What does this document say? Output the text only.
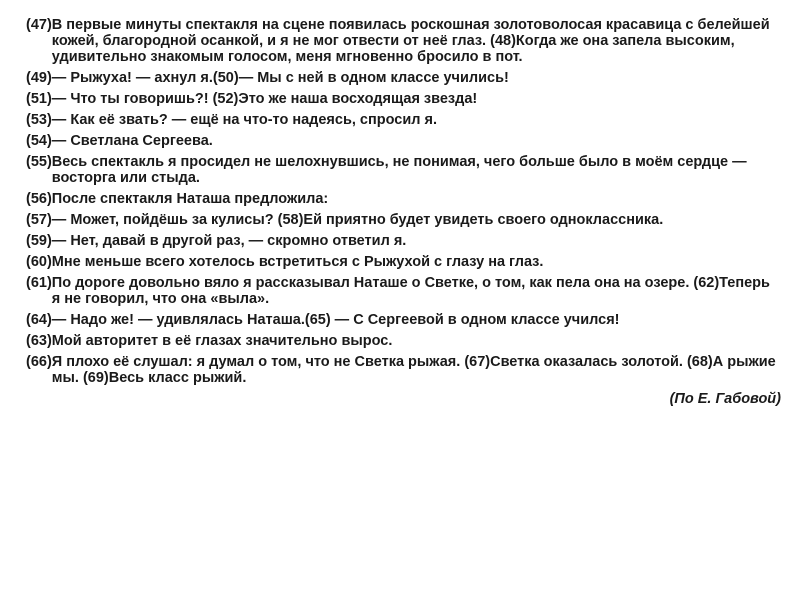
(47) В первые минуты спектакля на сцене появилась роскошная золотоволосая красавица с белейшей кожей, благородной осанкой, и я не мог отвести от неё глаз. (48)Когда же она запела высоким, удивительно знакомым голосом, меня мгновенно бросило в пот.
(49) — Рыжуха! — ахнул я.(50)— Мы с ней в одном классе учились!
(51) — Что ты говоришь?! (52)Это же наша восходящая звезда!
(53) — Как её звать? — ещё на что-то надеясь, спросил я.
(54) — Светлана Сергеева.
(55) Весь спектакль я просидел не шелохнувшись, не понимая, чего больше было в моём сердце — восторга или стыда.
(56) После спектакля Наташа предложила:
(57) — Может, пойдёшь за кулисы? (58)Ей приятно будет увидеть своего одноклассника.
(59) — Нет, давай в другой раз, — скромно ответил я.
(60) Мне меньше всего хотелось встретиться с Рыжухой с глазу на глаз.
(61) По дороге довольно вяло я рассказывал Наташе о Светке, о том, как пела она на озере. (62)Теперь я не говорил, что она «выла».
(64) — Надо же! — удивлялась Наташа.(65) — С Сергеевой в одном классе учился!
(63) Мой авторитет в её глазах значительно вырос.
(66) Я плохо её слушал: я думал о том, что не Светка рыжая. (67)Светка оказалась золотой. (68)А рыжие мы. (69)Весь класс рыжий.
(По Е. Габовой)
